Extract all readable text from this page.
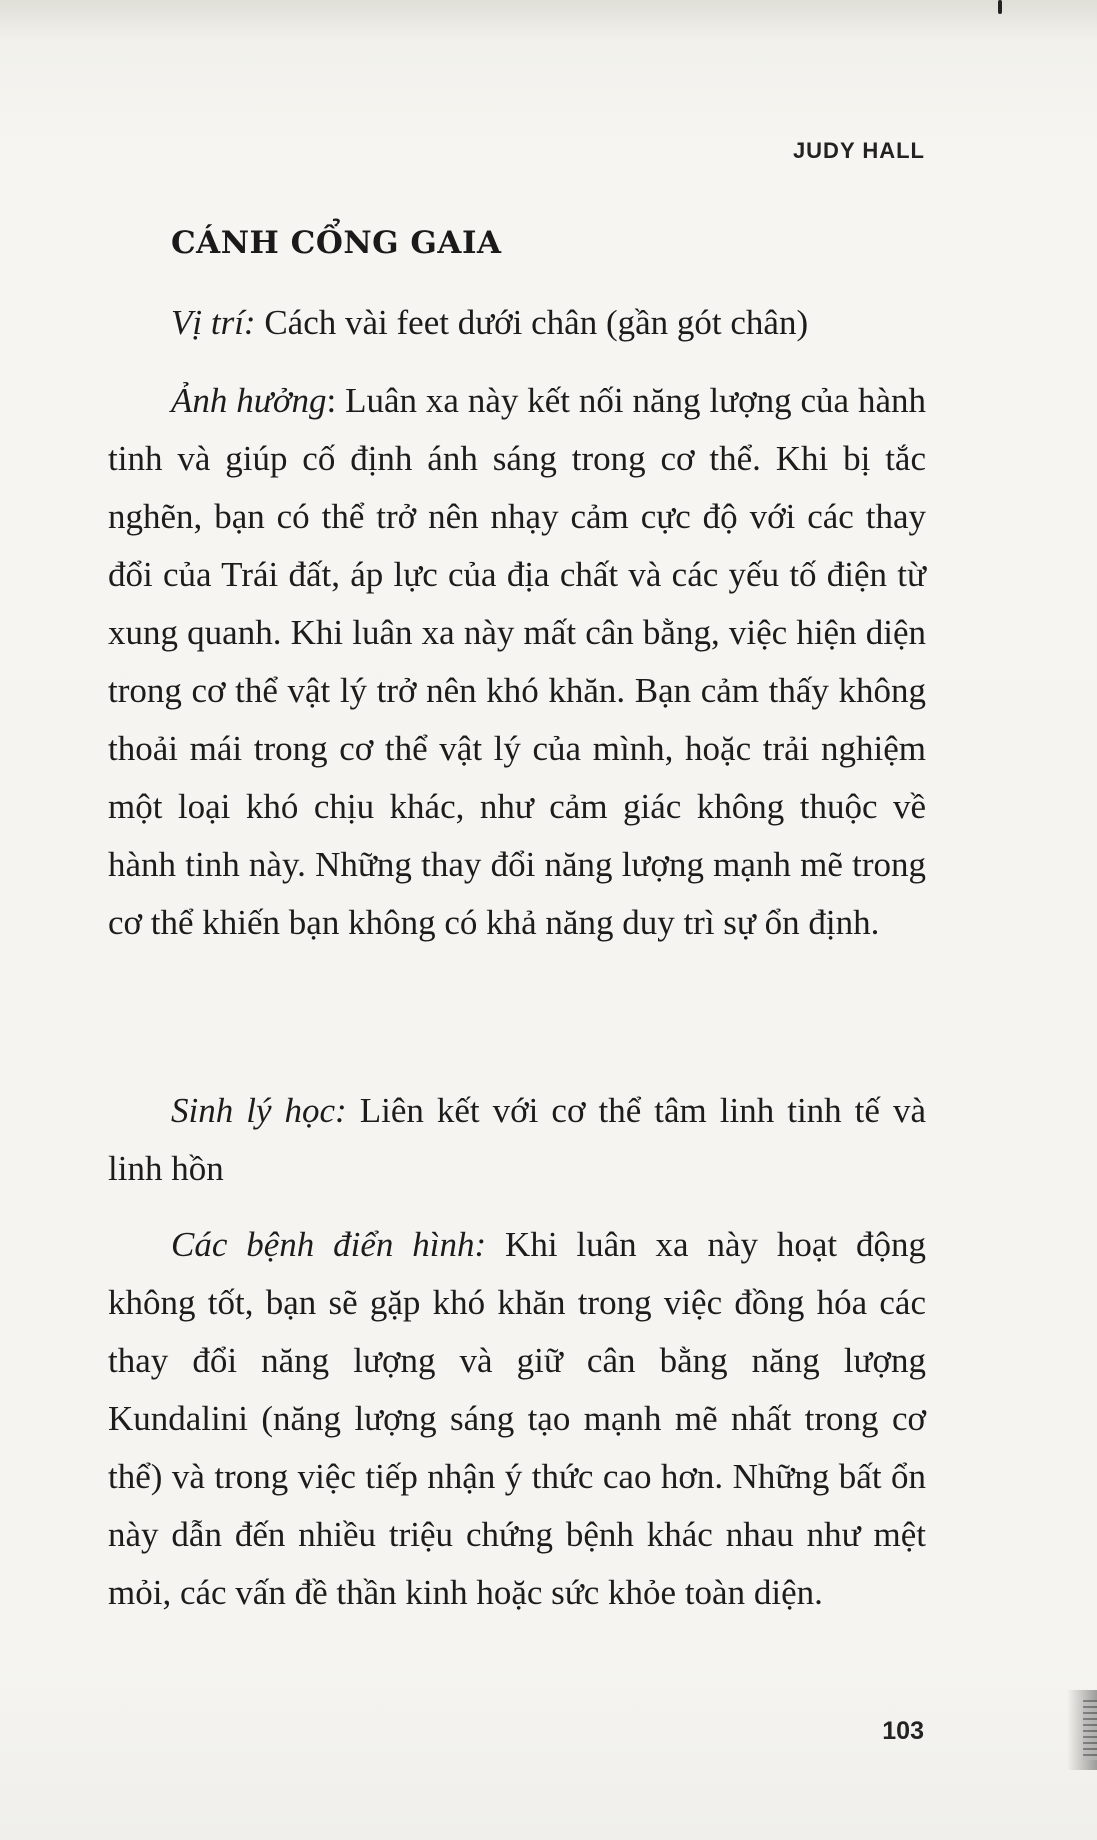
JUDY HALL
CÁNH CỔNG GAIA

Vị trí: Cách vài feet dưới chân (gần gót chân)

Ảnh hưởng: Luân xa này kết nối năng lượng của hành tinh và giúp cố định ánh sáng trong cơ thể. Khi bị tắc nghẽn, bạn có thể trở nên nhạy cảm cực độ với các thay đổi của Trái đất, áp lực của địa chất và các yếu tố điện từ xung quanh. Khi luân xa này mất cân bằng, việc hiện diện trong cơ thể vật lý trở nên khó khăn. Bạn cảm thấy không thoải mái trong cơ thể vật lý của mình, hoặc trải nghiệm một loại khó chịu khác, như cảm giác không thuộc về hành tinh này. Những thay đổi năng lượng mạnh mẽ trong cơ thể khiến bạn không có khả năng duy trì sự ổn định.

Sinh lý học: Liên kết với cơ thể tâm linh tinh tế và linh hồn

Các bệnh điển hình: Khi luân xa này hoạt động không tốt, bạn sẽ gặp khó khăn trong việc đồng hóa các thay đổi năng lượng và giữ cân bằng năng lượng Kundalini (năng lượng sáng tạo mạnh mẽ nhất trong cơ thể) và trong việc tiếp nhận ý thức cao hơn. Những bất ổn này dẫn đến nhiều triệu chứng bệnh khác nhau như mệt mỏi, các vấn đề thần kinh hoặc sức khỏe toàn diện.

103
